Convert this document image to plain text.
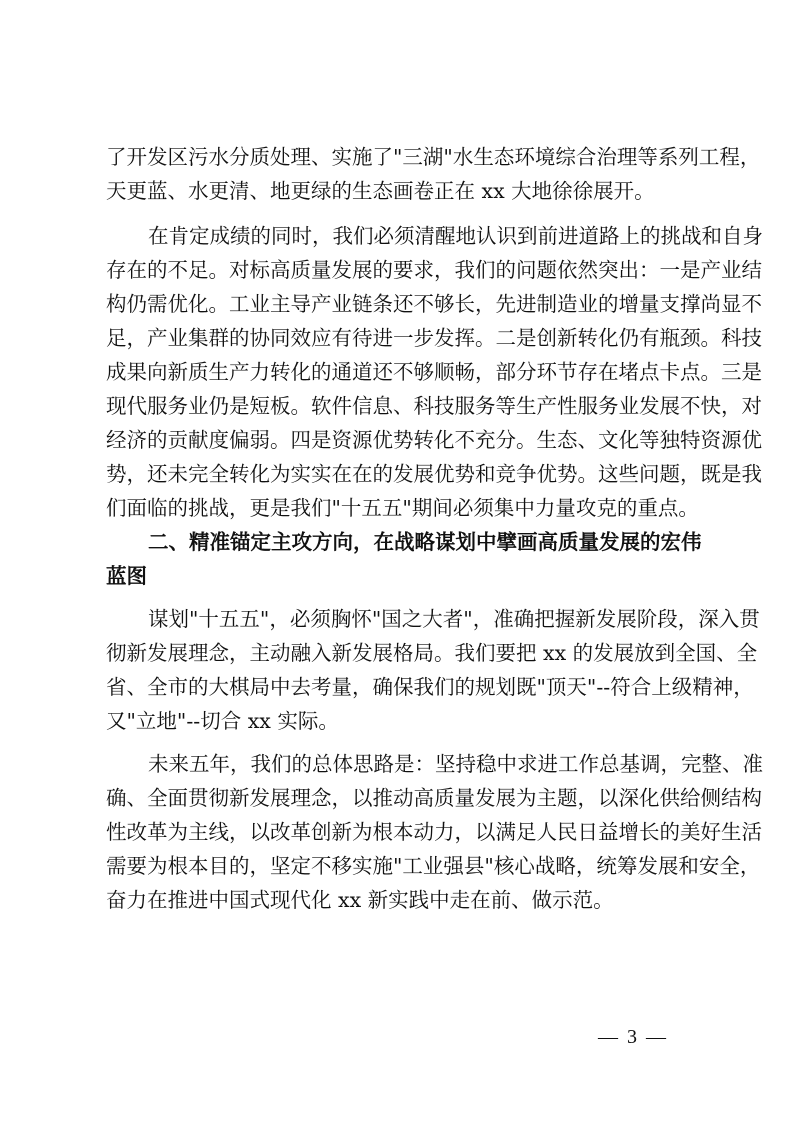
了开发区污水分质处理、实施了"三湖"水生态环境综合治理等系列工程，
天更蓝、水更清、地更绿的生态画卷正在 xx 大地徐徐展开。
在肯定成绩的同时，我们必须清醒地认识到前进道路上的挑战和自身
存在的不足。对标高质量发展的要求，我们的问题依然突出：一是产业结
构仍需优化。工业主导产业链条还不够长，先进制造业的增量支撑尚显不
足，产业集群的协同效应有待进一步发挥。二是创新转化仍有瓶颈。科技
成果向新质生产力转化的通道还不够顺畅，部分环节存在堵点卡点。三是
现代服务业仍是短板。软件信息、科技服务等生产性服务业发展不快，对
经济的贡献度偏弱。四是资源优势转化不充分。生态、文化等独特资源优
势，还未完全转化为实实在在的发展优势和竞争优势。这些问题，既是我
们面临的挑战，更是我们"十五五"期间必须集中力量攻克的重点。
二、精准锚定主攻方向，在战略谋划中擘画高质量发展的宏伟
蓝图
谋划"十五五"，必须胸怀"国之大者"，准确把握新发展阶段，深入贯
彻新发展理念，主动融入新发展格局。我们要把 xx 的发展放到全国、全
省、全市的大棋局中去考量，确保我们的规划既"顶天"--符合上级精神，
又"立地"--切合 xx 实际。
未来五年，我们的总体思路是：坚持稳中求进工作总基调，完整、准
确、全面贯彻新发展理念，以推动高质量发展为主题，以深化供给侧结构
性改革为主线，以改革创新为根本动力，以满足人民日益增长的美好生活
需要为根本目的，坚定不移实施"工业强县"核心战略，统筹发展和安全，
奋力在推进中国式现代化 xx 新实践中走在前、做示范。
— 3 —
